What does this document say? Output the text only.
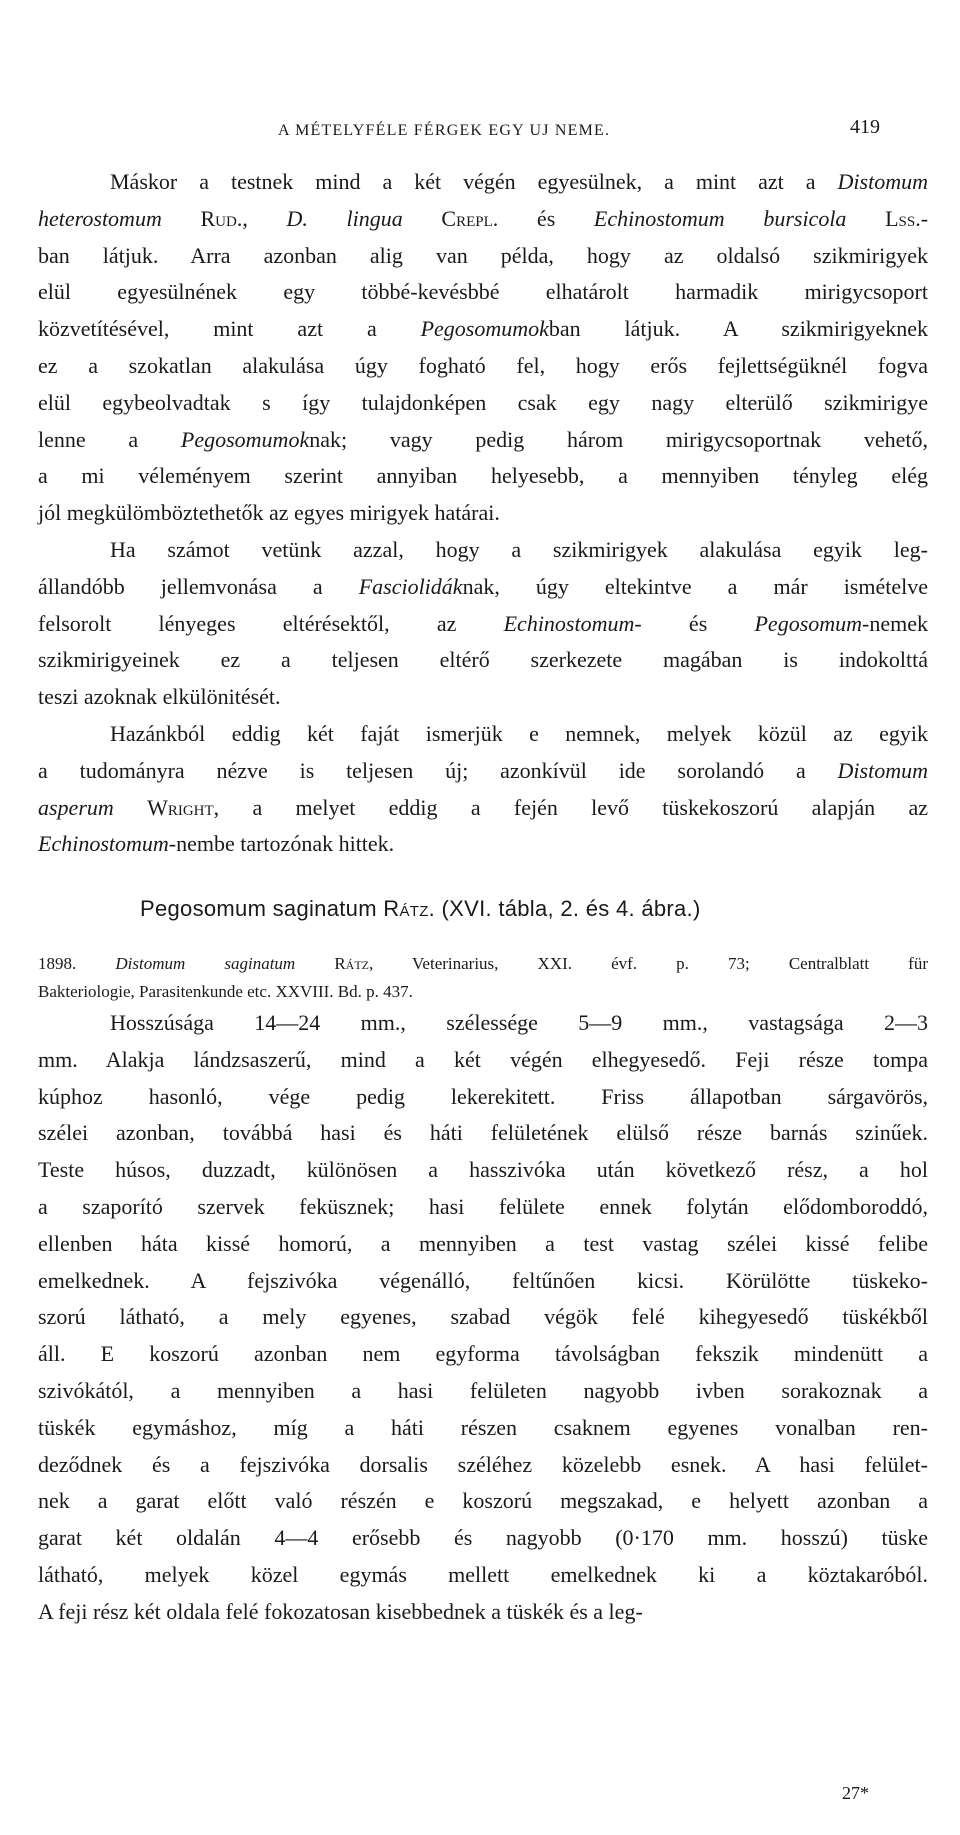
A MÉTELYFÉLE FÉRGEK EGY UJ NEME.	419
Máskor a testnek mind a két végén egyesülnek, a mint azt a Distomum
heterostomum Rud., D. lingua Crepl. és Echinostomum bursicola Lss.-
ban látjuk. Arra azonban alig van példa, hogy az oldalsó szikmirigyek
elül egyesülnének egy többé-kevésbbé elhatárolt harmadik mirigycsoport
közvetítésével, mint azt a Pegosomumokban látjuk. A szikmirigyeknek
ez a szokatlan alakulása úgy fogható fel, hogy erős fejlettségüknél fogva
elül egybeolvadtak s így tulajdonképen csak egy nagy elterülő szikmirigye
lenne a Pegosomumoknak; vagy pedig három mirigycsoportnak vehető,
a mi véleményem szerint annyiban helyesebb, a mennyiben tényleg elég
jól megkülömböztethetők az egyes mirigyek határai.
Ha számot vetünk azzal, hogy a szikmirigyek alakulása egyik leg-
állandóbb jellemvonása a Fasciolidáknak, úgy eltekintve a már ismételve
felsorolt lényeges eltérésektől, az Echinostomum- és Pegosomum-nemek
szikmirigyeinek ez a teljesen eltérő szerkezete magában is indokolttá
teszi azoknak elkülönitését.
Hazánkból eddig két faját ismerjük e nemnek, melyek közül az egyik
a tudományra nézve is teljesen új; azonkívül ide sorolandó a Distomum
asperum Wright, a melyet eddig a fején levő tüskekoszorú alapján az
Echinostomum-nembe tartozónak hittek.
Pegosomum saginatum Rátz. (XVI. tábla, 2. és 4. ábra.)
1898. Distomum saginatum Rátz, Veterinarius, XXI. évf. p. 73; Centralblatt für
Bakteriologie, Parasitenkunde etc. XXVIII. Bd. p. 437.
Hosszúsága 14—24 mm., szélessége 5—9 mm., vastagsága 2—3
mm. Alakja lándzsaszerű, mind a két végén elhegyesedő. Feji része tompa
kúphoz hasonló, vége pedig lekerekitett. Friss állapotban sárgavörös,
szélei azonban, továbbá hasi és háti felületének elülső része barnás szinűek.
Teste húsos, duzzadt, különösen a hasszivóka után következő rész, a hol
a szaporító szervek feküsznek; hasi felülete ennek folytán elődomboroddó,
ellenben háta kissé homorú, a mennyiben a test vastag szélei kissé felibe
emelkednek. A fejszivóka végenálló, feltűnően kicsi. Körülötte tüskeko-
szorú látható, a mely egyenes, szabad végök felé kihegyesedő tüskékből
áll. E koszorú azonban nem egyforma távolságban fekszik mindenütt a
szivókától, a mennyiben a hasi felületen nagyobb ivben sorakoznak a
tüskék egymáshoz, míg a háti részen csaknem egyenes vonalban ren-
deződnek és a fejszivóka dorsalis széléhez közelebb esnek. A hasi felület-
nek a garat előtt való részén e koszorú megszakad, e helyett azonban a
garat két oldalán 4—4 erősebb és nagyobb (0·170 mm. hosszú) tüske
látható, melyek közel egymás mellett emelkednek ki a köztakaróból.
A feji rész két oldala felé fokozatosan kisebbednek a tüskék és a leg-
27*
